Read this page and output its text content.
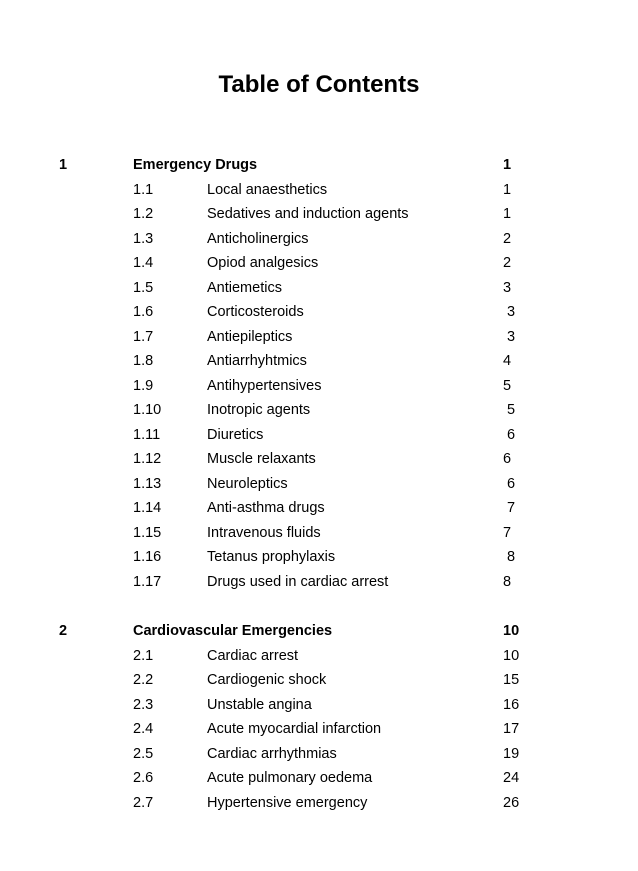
Table of Contents
1	Emergency Drugs	1
1.1	Local anaesthetics	1
1.2	Sedatives and induction agents	1
1.3	Anticholinergics	2
1.4	Opiod analgesics	2
1.5	Antiemetics	3
1.6	Corticosteroids	3
1.7	Antiepileptics	3
1.8	Antiarrhyhtmics	4
1.9	Antihypertensives	5
1.10	Inotropic agents	5
1.11	Diuretics	6
1.12	Muscle relaxants	6
1.13	Neuroleptics	6
1.14	Anti-asthma drugs	7
1.15	Intravenous fluids	7
1.16	Tetanus prophylaxis	8
1.17	Drugs used in cardiac arrest	8
2	Cardiovascular Emergencies	10
2.1	Cardiac arrest	10
2.2	Cardiogenic shock	15
2.3	Unstable angina	16
2.4	Acute myocardial infarction	17
2.5	Cardiac arrhythmias	19
2.6	Acute pulmonary oedema	24
2.7	Hypertensive emergency	26
